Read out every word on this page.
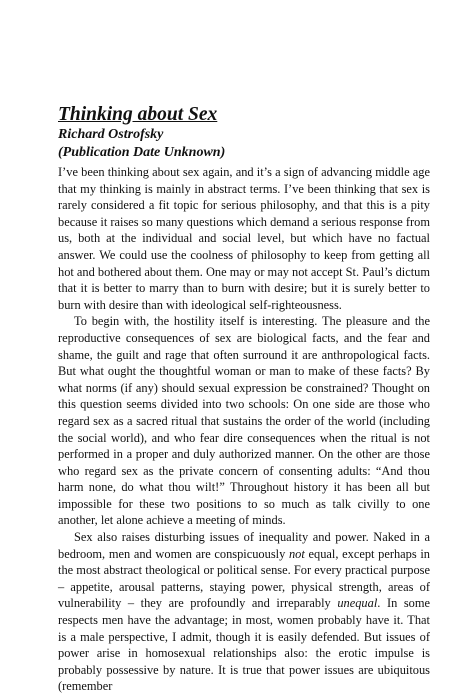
Thinking about Sex
Richard Ostrofsky
(Publication Date Unknown)

I’ve been thinking about sex again, and it’s a sign of advancing middle age that my thinking is mainly in abstract terms. I’ve been thinking that sex is rarely considered a fit topic for serious philosophy, and that this is a pity because it raises so many questions which demand a serious response from us, both at the individual and social level, but which have no factual answer. We could use the coolness of philosophy to keep from getting all hot and bothered about them. One may or may not accept St. Paul’s dictum that it is better to marry than to burn with desire; but it is surely better to burn with desire than with ideological self-righteousness.

To begin with, the hostility itself is interesting. The pleasure and the reproductive consequences of sex are biological facts, and the fear and shame, the guilt and rage that often surround it are anthropological facts. But what ought the thoughtful woman or man to make of these facts? By what norms (if any) should sexual expression be constrained? Thought on this question seems divided into two schools: On one side are those who regard sex as a sacred ritual that sustains the order of the world (including the social world), and who fear dire consequences when the ritual is not performed in a proper and duly authorized manner. On the other are those who regard sex as the private concern of consenting adults: “And thou harm none, do what thou wilt!” Throughout history it has been all but impossible for these two positions to so much as talk civilly to one another, let alone achieve a meeting of minds.

Sex also raises disturbing issues of inequality and power. Naked in a bedroom, men and women are conspicuously not equal, except perhaps in the most abstract theological or political sense. For every practical purpose – appetite, arousal patterns, staying power, physical strength, areas of vulnerability – they are profoundly and irreparably unequal. In some respects men have the advantage; in most, women probably have it. That is a male perspective, I admit, though it is easily defended. But issues of power arise in homosexual relationships also: the erotic impulse is probably possessive by nature. It is true that power issues are ubiquitous (remember
